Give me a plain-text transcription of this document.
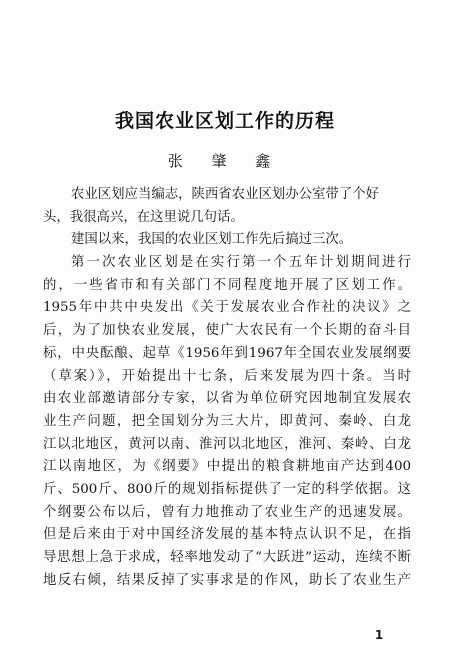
我国农业区划工作的历程
张 肇 鑫
农业区划应当编志，陕西省农业区划办公室带了个好
头，我很高兴，在这里说几句话。
建国以来，我国的农业区划工作先后搞过三次。
第一次农业区划是在实行第一个五年计划期间进行
的，一些省市和有关部门不同程度地开展了区划工作。
1955年中共中央发出《关于发展农业合作社的决议》之
后，为了加快农业发展，使广大农民有一个长期的奋斗目
标，中央酝酿、起草《1956年到1967年全国农业发展纲要
（草案）》，开始提出十七条，后来发展为四十条。当时
由农业部邀请部分专家，以省为单位研究因地制宜发展农
业生产问题，把全国划分为三大片，即黄河、秦岭、白龙
江以北地区，黄河以南、淮河以北地区，淮河、秦岭、白龙
江以南地区，为《纲要》中提出的粮食耕地亩产达到400
斤、500斤、800斤的规划指标提供了一定的科学依据。这
个纲要公布以后，曾有力地推动了农业生产的迅速发展。
但是后来由于对中国经济发展的基本特点认识不足，在指
导思想上急于求成，轻率地发动了“大跃进”运动，连续不断
地反右倾，结果反掉了实事求是的作风，助长了农业生产
1
